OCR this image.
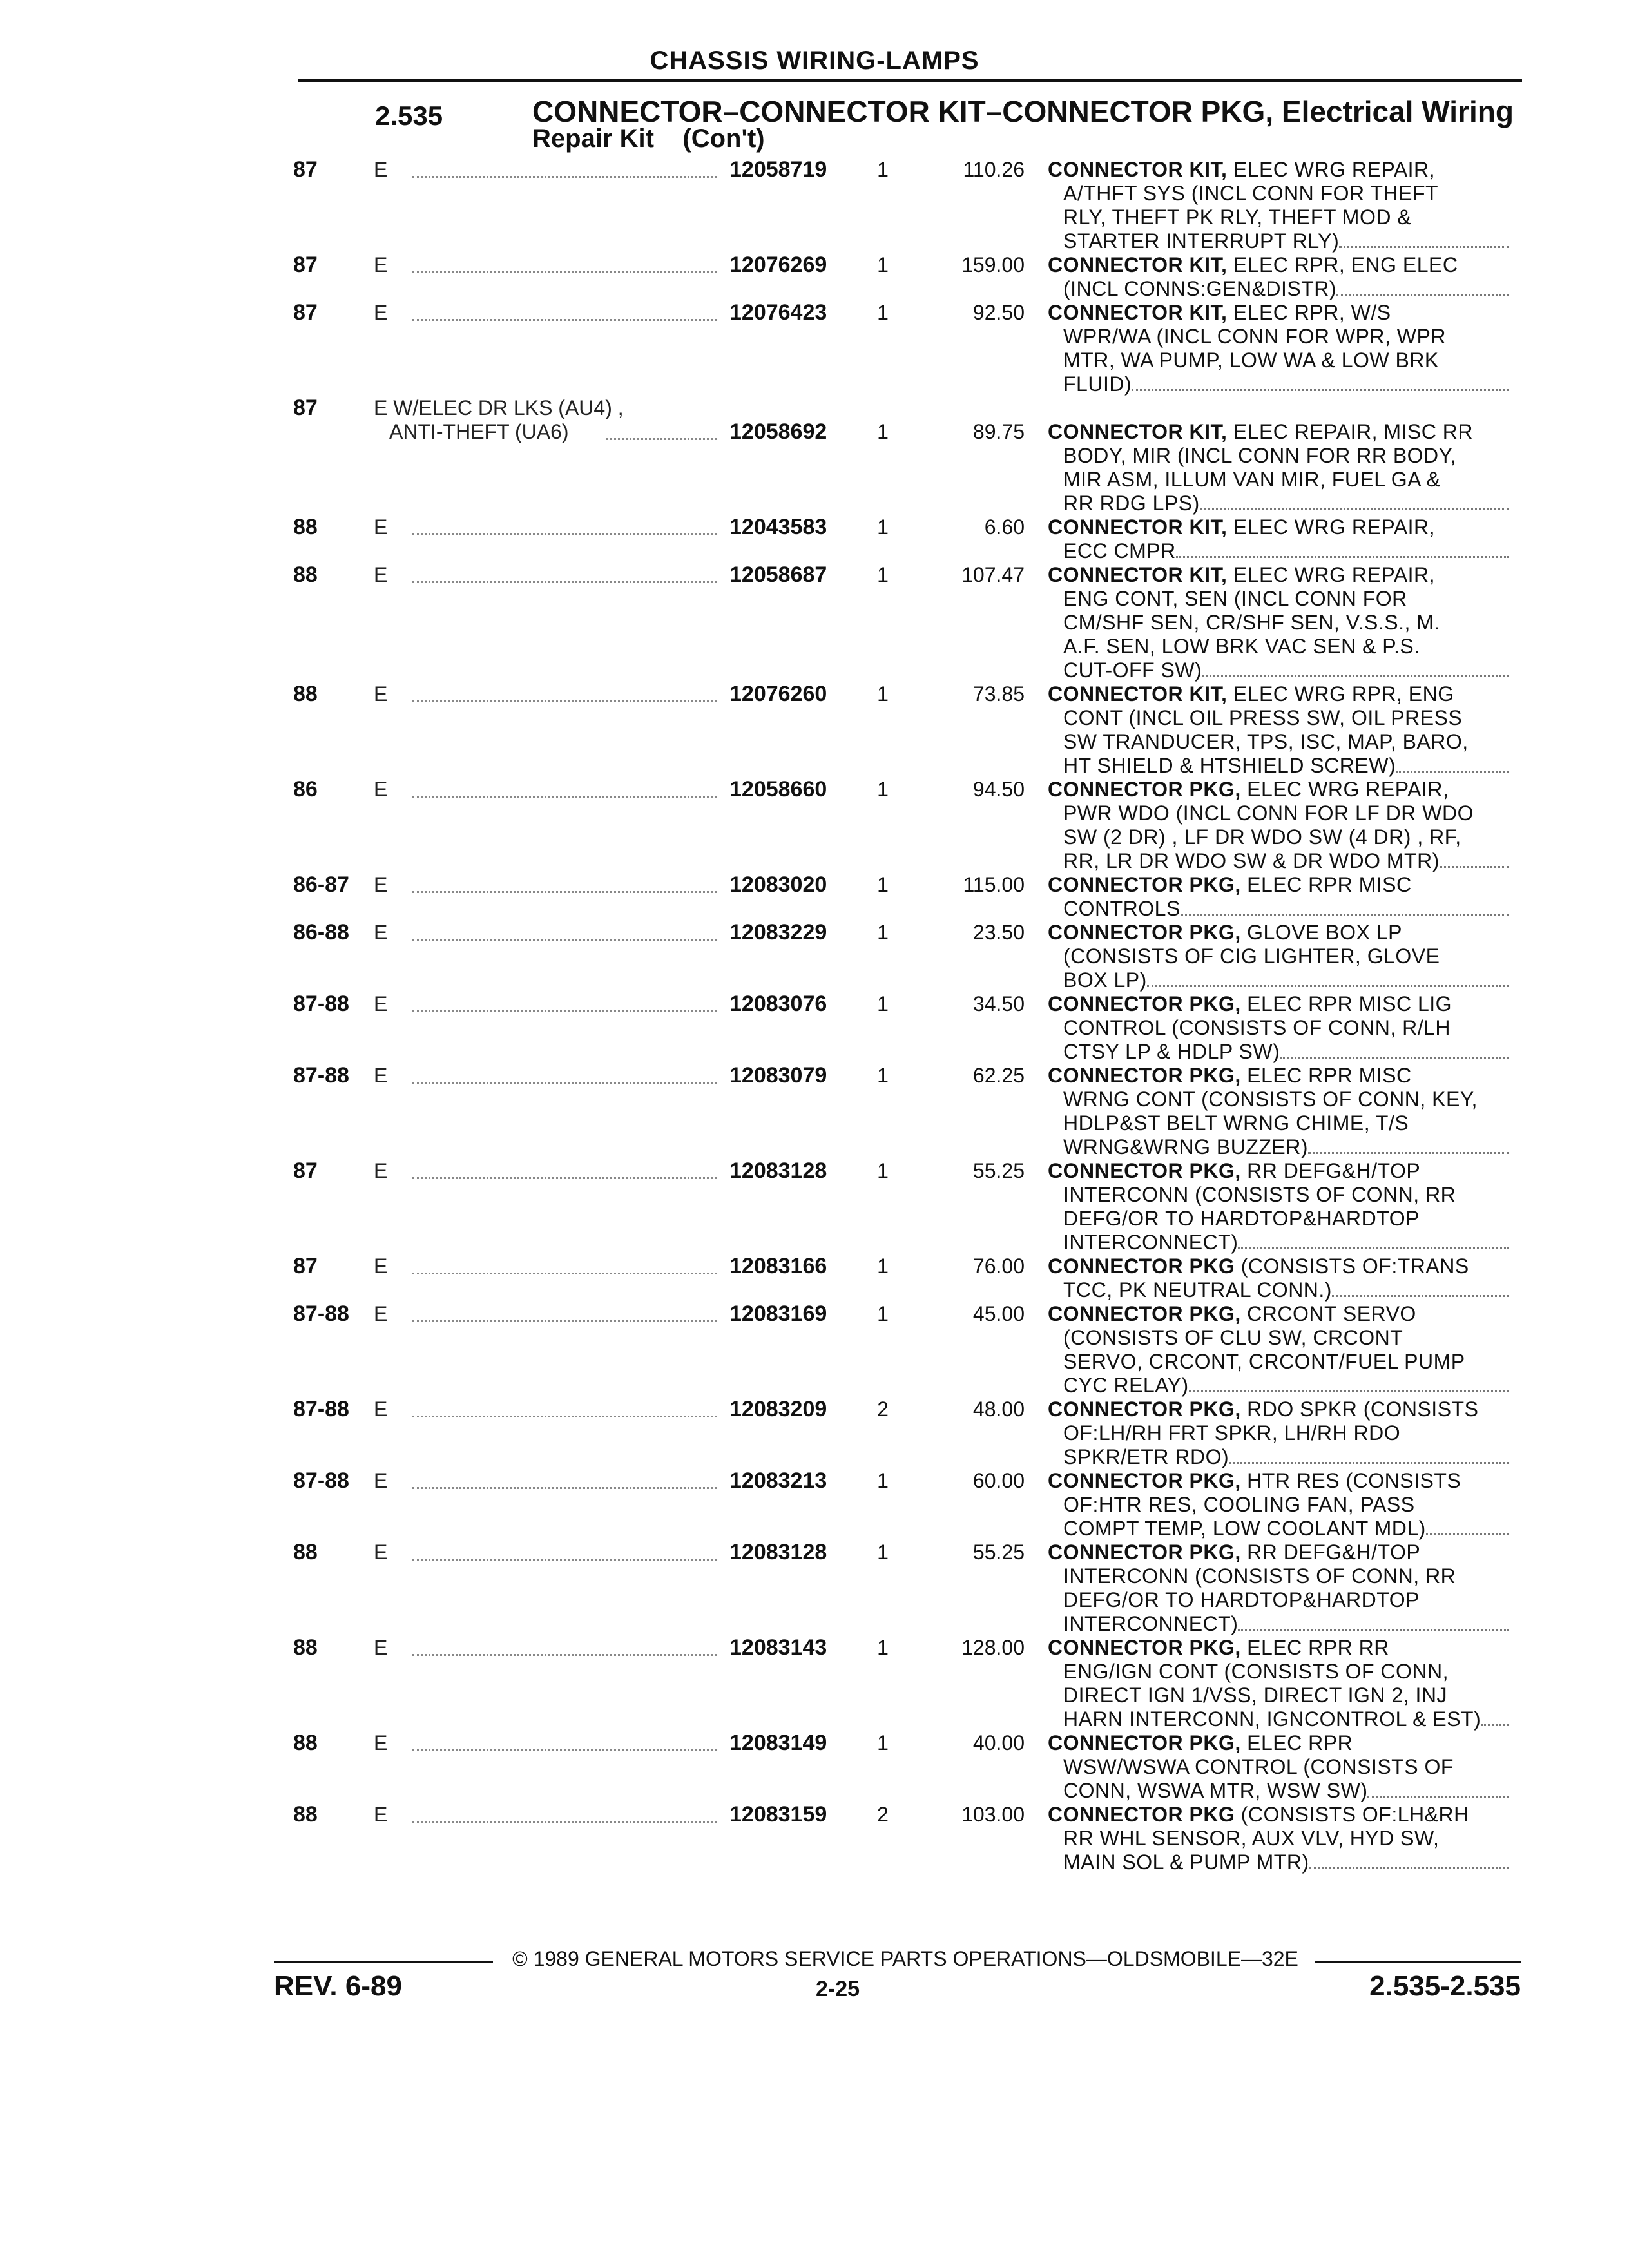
CHASSIS WIRING-LAMPS
2.535	CONNECTOR–CONNECTOR KIT–CONNECTOR PKG, Electrical Wiring
Repair Kit    (Con't)
87	E	12058719	1	110.26 CONNECTOR KIT, ELEC WRG REPAIR,
A/THFT SYS (INCL CONN FOR THEFT
RLY, THEFT PK RLY, THEFT MOD &
STARTER INTERRUPT RLY)
87	E	12076269	1	159.00 CONNECTOR KIT, ELEC RPR, ENG ELEC
(INCL CONNS:GEN&DISTR)
87	E	12076423	1	92.50 CONNECTOR KIT, ELEC RPR, W/S
WPR/WA (INCL CONN FOR WPR, WPR
MTR, WA PUMP, LOW WA & LOW BRK
FLUID)
87	E W/ELEC DR LKS (AU4) ,
ANTI-THEFT (UA6)	12058692	1	89.75 CONNECTOR KIT, ELEC REPAIR, MISC RR
BODY, MIR (INCL CONN FOR RR BODY,
MIR ASM, ILLUM VAN MIR, FUEL GA &
RR RDG LPS)
88	E	12043583	1	6.60 CONNECTOR KIT, ELEC WRG REPAIR,
ECC CMPR
88	E	12058687	1	107.47 CONNECTOR KIT, ELEC WRG REPAIR,
ENG CONT, SEN (INCL CONN FOR
CM/SHF SEN, CR/SHF SEN, V.S.S., M.
A.F. SEN, LOW BRK VAC SEN & P.S.
CUT-OFF SW)
88	E	12076260	1	73.85 CONNECTOR KIT, ELEC WRG RPR, ENG
CONT (INCL OIL PRESS SW, OIL PRESS
SW TRANDUCER, TPS, ISC, MAP, BARO,
HT SHIELD & HTSHIELD SCREW)
86	E	12058660	1	94.50 CONNECTOR PKG, ELEC WRG REPAIR,
PWR WDO (INCL CONN FOR LF DR WDO
SW (2 DR) , LF DR WDO SW (4 DR) , RF,
RR, LR DR WDO SW & DR WDO MTR)
86-87 E	12083020	1	115.00 CONNECTOR PKG, ELEC RPR MISC
CONTROLS
86-88 E	12083229	1	23.50 CONNECTOR PKG, GLOVE BOX LP
(CONSISTS OF CIG LIGHTER, GLOVE
BOX LP)
87-88 E	12083076	1	34.50 CONNECTOR PKG, ELEC RPR MISC LIG
CONTROL (CONSISTS OF CONN, R/LH
CTSY LP & HDLP SW)
87-88 E	12083079	1	62.25 CONNECTOR PKG, ELEC RPR MISC
WRNG CONT (CONSISTS OF CONN, KEY,
HDLP&ST BELT WRNG CHIME, T/S
WRNG&WRNG BUZZER)
87	E	12083128	1	55.25 CONNECTOR PKG, RR DEFG&H/TOP
INTERCONN (CONSISTS OF CONN, RR
DEFG/OR TO HARDTOP&HARDTOP
INTERCONNECT)
87	E	12083166	1	76.00 CONNECTOR PKG (CONSISTS OF:TRANS
TCC, PK NEUTRAL CONN.)
87-88 E	12083169	1	45.00 CONNECTOR PKG, CRCONT SERVO
(CONSISTS OF CLU SW, CRCONT
SERVO, CRCONT, CRCONT/FUEL PUMP
CYC RELAY)
87-88 E	12083209	2	48.00 CONNECTOR PKG, RDO SPKR (CONSISTS
OF:LH/RH FRT SPKR, LH/RH RDO
SPKR/ETR RDO)
87-88 E	12083213	1	60.00 CONNECTOR PKG, HTR RES (CONSISTS
OF:HTR RES, COOLING FAN, PASS
COMPT TEMP, LOW COOLANT MDL)
88	E	12083128	1	55.25 CONNECTOR PKG, RR DEFG&H/TOP
INTERCONN (CONSISTS OF CONN, RR
DEFG/OR TO HARDTOP&HARDTOP
INTERCONNECT)
88	E	12083143	1	128.00 CONNECTOR PKG, ELEC RPR RR
ENG/IGN CONT (CONSISTS OF CONN,
DIRECT IGN 1/VSS, DIRECT IGN 2, INJ
HARN INTERCONN, IGNCONTROL & EST)
88	E	12083149	1	40.00 CONNECTOR PKG, ELEC RPR
WSW/WSWA CONTROL (CONSISTS OF
CONN, WSWA MTR, WSW SW)
88	E	12083159	2	103.00 CONNECTOR PKG (CONSISTS OF:LH&RH
RR WHL SENSOR, AUX VLV, HYD SW,
MAIN SOL & PUMP MTR)
© 1989 GENERAL MOTORS SERVICE PARTS OPERATIONS—OLDSMOBILE—32E
REV. 6-89	2-25	2.535-2.535
